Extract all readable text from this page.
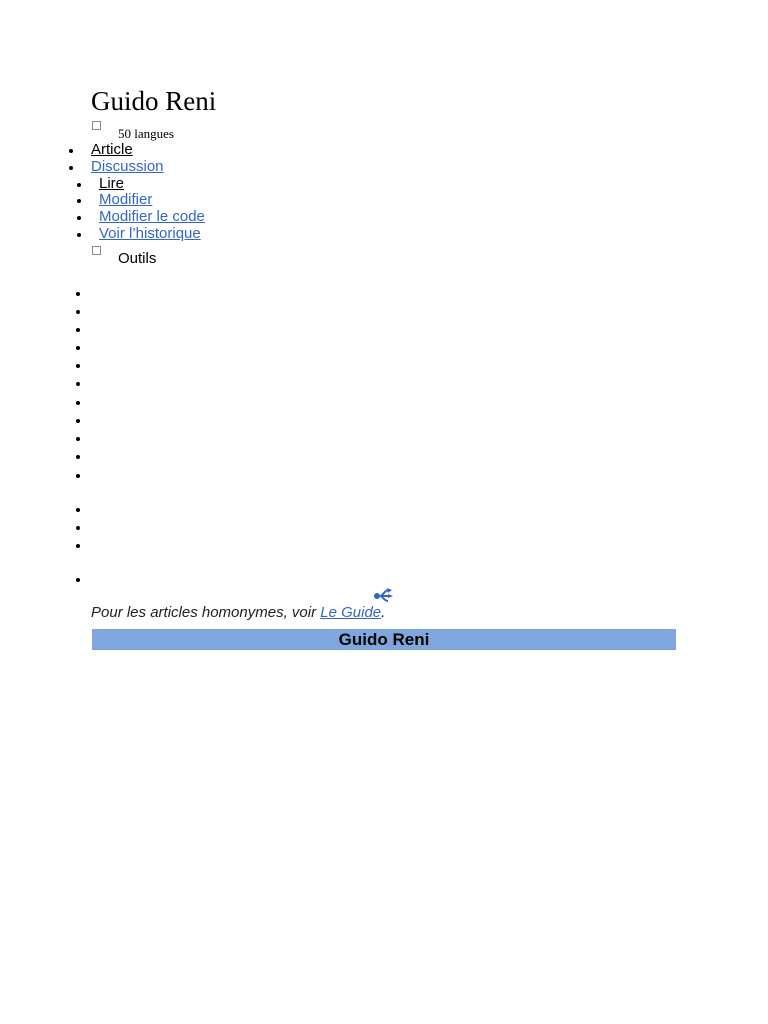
Guido Reni
50 langues
Article
Discussion
Lire
Modifier
Modifier le code
Voir l’historique
Outils
Pour les articles homonymes, voir Le Guide.
Guido Reni
